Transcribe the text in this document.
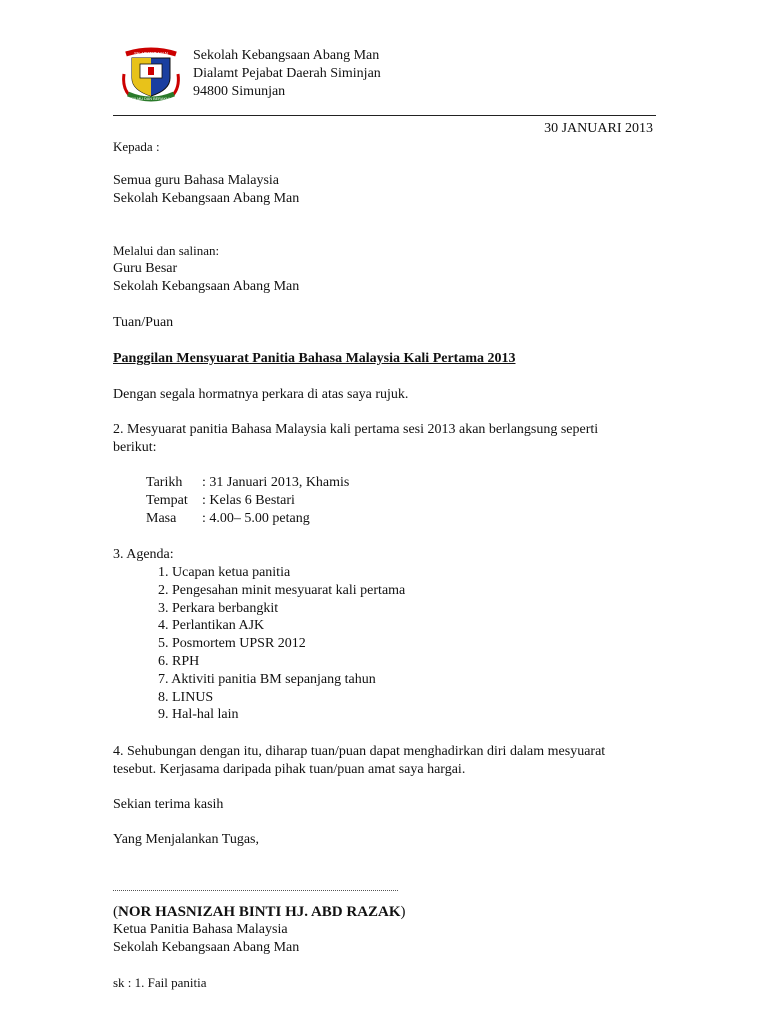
SK ABANG MAN
BERILMU DAN BERAKHLAK
Sekolah Kebangsaan Abang Man
Dialamt Pejabat Daerah Siminjan
94800 Simunjan
30 JANUARI 2013
Kepada :
Semua guru Bahasa Malaysia
Sekolah Kebangsaan Abang Man
Melalui dan salinan:
Guru Besar
Sekolah Kebangsaan Abang Man
Tuan/Puan
Panggilan Mensyuarat Panitia Bahasa Malaysia Kali Pertama 2013
Dengan segala hormatnya perkara di atas saya rujuk.
2. Mesyuarat panitia Bahasa Malaysia kali pertama sesi 2013 akan berlangsung seperti
berikut:
Tarikh : 31 Januari 2013, Khamis
Tempat : Kelas 6 Bestari
Masa : 4.00– 5.00 petang
3. Agenda:
1. Ucapan ketua panitia
2. Pengesahan minit mesyuarat kali pertama
3. Perkara berbangkit
4. Perlantikan AJK
5. Posmortem UPSR 2012
6. RPH
7. Aktiviti panitia BM sepanjang tahun
8. LINUS
9. Hal-hal lain
4. Sehubungan dengan itu, diharap tuan/puan dapat menghadirkan diri dalam mesyuarat
tesebut. Kerjasama daripada pihak tuan/puan amat saya hargai.
Sekian terima kasih
Yang Menjalankan Tugas,
(NOR HASNIZAH BINTI HJ. ABD RAZAK)
Ketua Panitia Bahasa Malaysia
Sekolah Kebangsaan Abang Man
sk : 1. Fail panitia
